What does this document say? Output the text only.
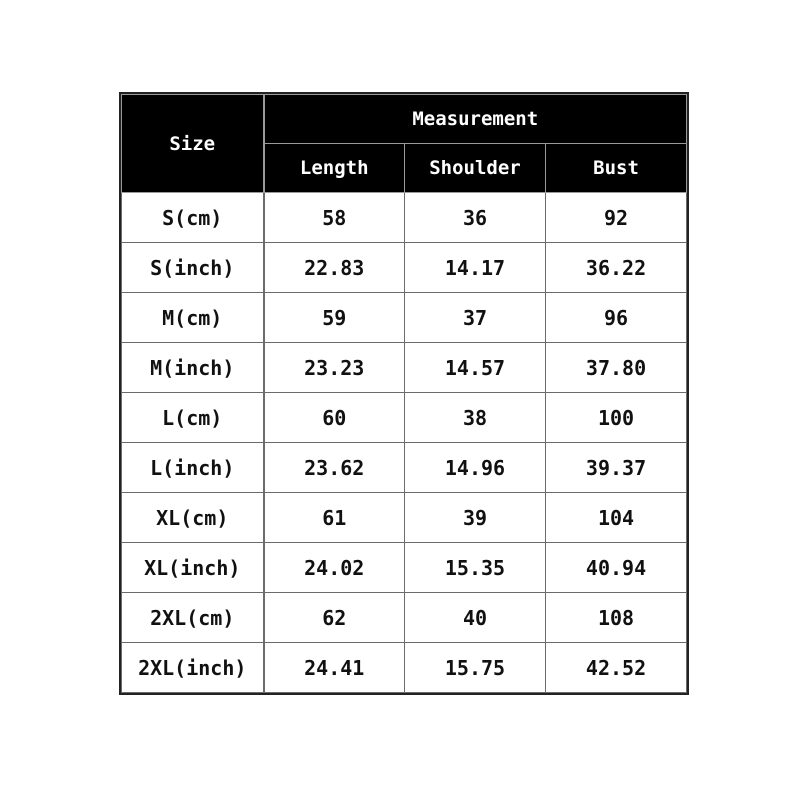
Size	Measurement		
	Length	Shoulder	Bust
S(cm)	58	36	92
S(inch)	22.83	14.17	36.22
M(cm)	59	37	96
M(inch)	23.23	14.57	37.80
L(cm)	60	38	100
L(inch)	23.62	14.96	39.37
XL(cm)	61	39	104
XL(inch)	24.02	15.35	40.94
2XL(cm)	62	40	108
2XL(inch)	24.41	15.75	42.52
